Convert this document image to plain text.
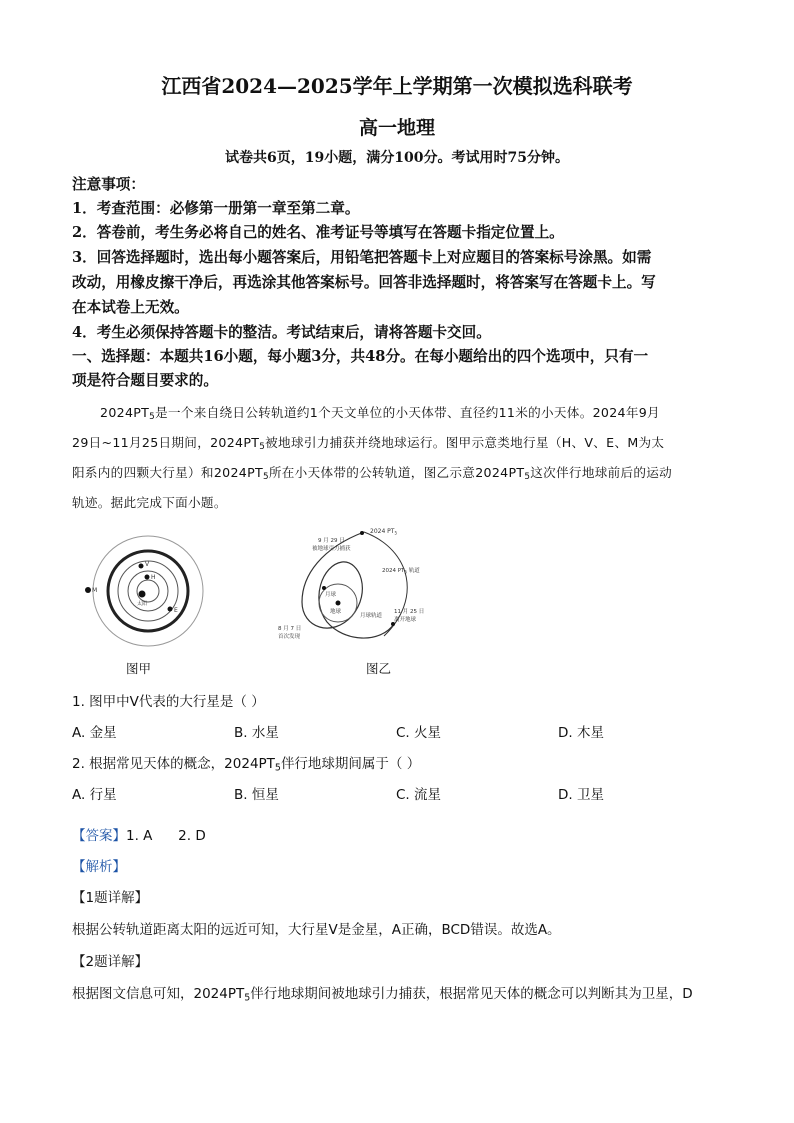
江西省2024—2025学年上学期第一次模拟选科联考
高一地理
试卷共6页，19小题，满分100分。考试用时75分钟。
注意事项：
1．考查范围：必修第一册第一章至第二章。
2．答卷前，考生务必将自己的姓名、准考证号等填写在答题卡指定位置上。
3．回答选择题时，选出每小题答案后，用铅笔把答题卡上对应题目的答案标号涂黑。如需
改动，用橡皮擦干净后，再选涂其他答案标号。回答非选择题时，将答案写在答题卡上。写
在本试卷上无效。
4．考生必须保持答题卡的整洁。考试结束后，请将答题卡交回。
一、选择题：本题共16小题，每小题3分，共48分。在每小题给出的四个选项中，只有一
项是符合题目要求的。
$2024PT_5$是一个来自绕日公转轨道约1个天文单位的小天体带、直径约11米的小天体。2024年9月
29日~11月25日期间，$2024PT_5$被地球引力捕获并绕地球运行。图甲示意类地行星（H、V、E、M为太
阳系内的四颗大行星）和$2024PT_5$所在小天体带的公转轨道，图乙示意$2024PT_5$这次伴行地球前后的运动
轨迹。据此完成下面小题。
太阳
H
V
E
M
图甲
2024 $PT_5$
9 月 29 日
被地球引力捕获
2024 $PT_5$ 轨道
月球
地球
月球轨道
11 月 25 日
离开地球
8 月 7 日
首次发现
图乙
1. 图甲中V代表的大行星是（ ）
A. 金星	B. 水星	C. 火星	D. 木星
2. 根据常见天体的概念，$2024PT_5$伴行地球期间属于（ ）
A. 行星	B. 恒星	C. 流星	D. 卫星
【答案】1. A      2. D
【解析】
【1题详解】
根据公转轨道距离太阳的远近可知，大行星V是金星，A正确，BCD错误。故选A。
【2题详解】
根据图文信息可知，$2024PT_5$伴行地球期间被地球引力捕获，根据常见天体的概念可以判断其为卫星，D
